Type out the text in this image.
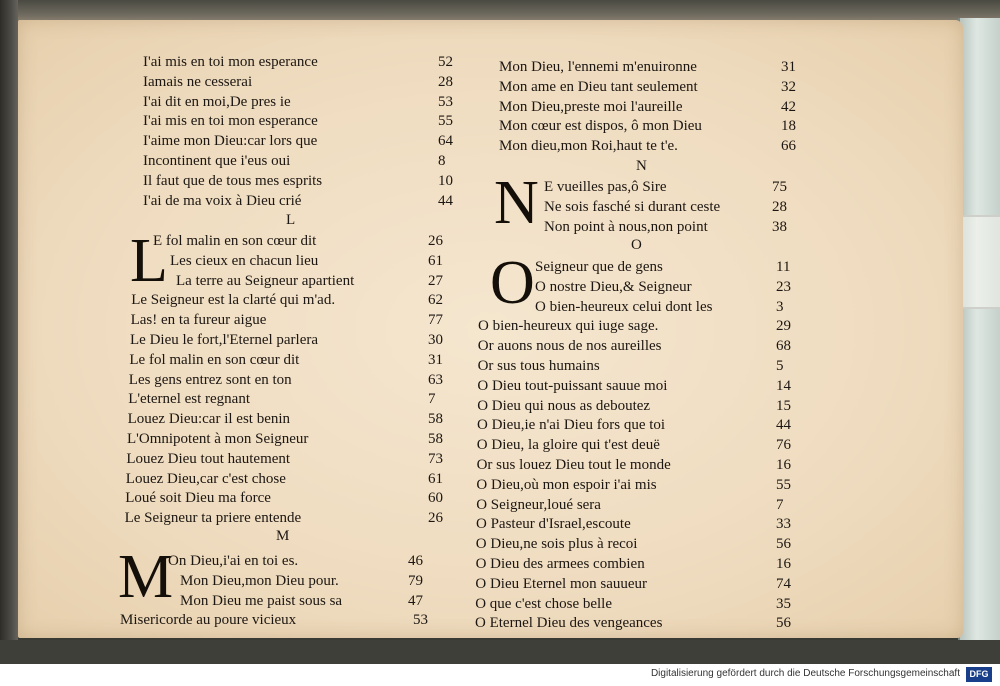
I'ai mis en toi mon esperance	52
Iamais ne cesserai	28
I'ai dit en moi,De pres ie	53
I'ai mis en toi mon esperance	55
I'aime mon Dieu:car lors que	64
Incontinent que i'eus oui	8
Il faut que de tous mes esprits	10
I'ai de ma voix à Dieu crié	44
L
L
E fol malin en son cœur dit	26
Les cieux en chacun lieu	61
La terre au Seigneur apartient	27
Le Seigneur est la clarté qui m'ad.	62
Las! en ta fureur aigue	77
Le Dieu le fort,l'Eternel parlera	30
Le fol malin en son cœur dit	31
Les gens entrez sont en ton	63
L'eternel est regnant	7
Louez Dieu:car il est benin	58
L'Omnipotent à mon Seigneur	58
Louez Dieu tout hautement	73
Louez Dieu,car c'est chose	61
Loué soit Dieu ma force	60
Le Seigneur ta priere entende	26
M
M
On Dieu,i'ai en toi es.	46
Mon Dieu,mon Dieu pour.	79
Mon Dieu me paist sous sa	47
Misericorde au poure vicieux	53
Mon Dieu, l'ennemi m'enuironne	31
Mon ame en Dieu tant seulement	32
Mon Dieu,preste moi l'aureille	42
Mon cœur est dispos, ô mon Dieu	18
Mon dieu,mon Roi,haut te t'e.	66
N
N E vueilles pas,ô Sire	75
Ne sois fasché si durant ceste	28
Non point à nous,non point	38
O
O Seigneur que de gens	11
O nostre Dieu,& Seigneur	23
O bien-heureux celui dont les	3
O bien-heureux qui iuge sage.	29
Or auons nous de nos aureilles	68
Or sus tous humains	5
O Dieu tout-puissant sauue moi	14
O Dieu qui nous as deboutez	15
O Dieu,ie n'ai Dieu fors que toi	44
O Dieu, la gloire qui t'est deuë	76
Or sus louez Dieu tout le monde	16
O Dieu,où mon espoir i'ai mis	55
O Seigneur,loué sera	7
O Pasteur d'Israel,escoute	33
O Dieu,ne sois plus à recoi	56
O Dieu des armees combien	16
O Dieu Eternel mon sauueur	74
O que c'est chose belle	35
O Eternel Dieu des vengeances	56
Digitalisierung gefördert durch die Deutsche Forschungsgemeinschaft	DFG
